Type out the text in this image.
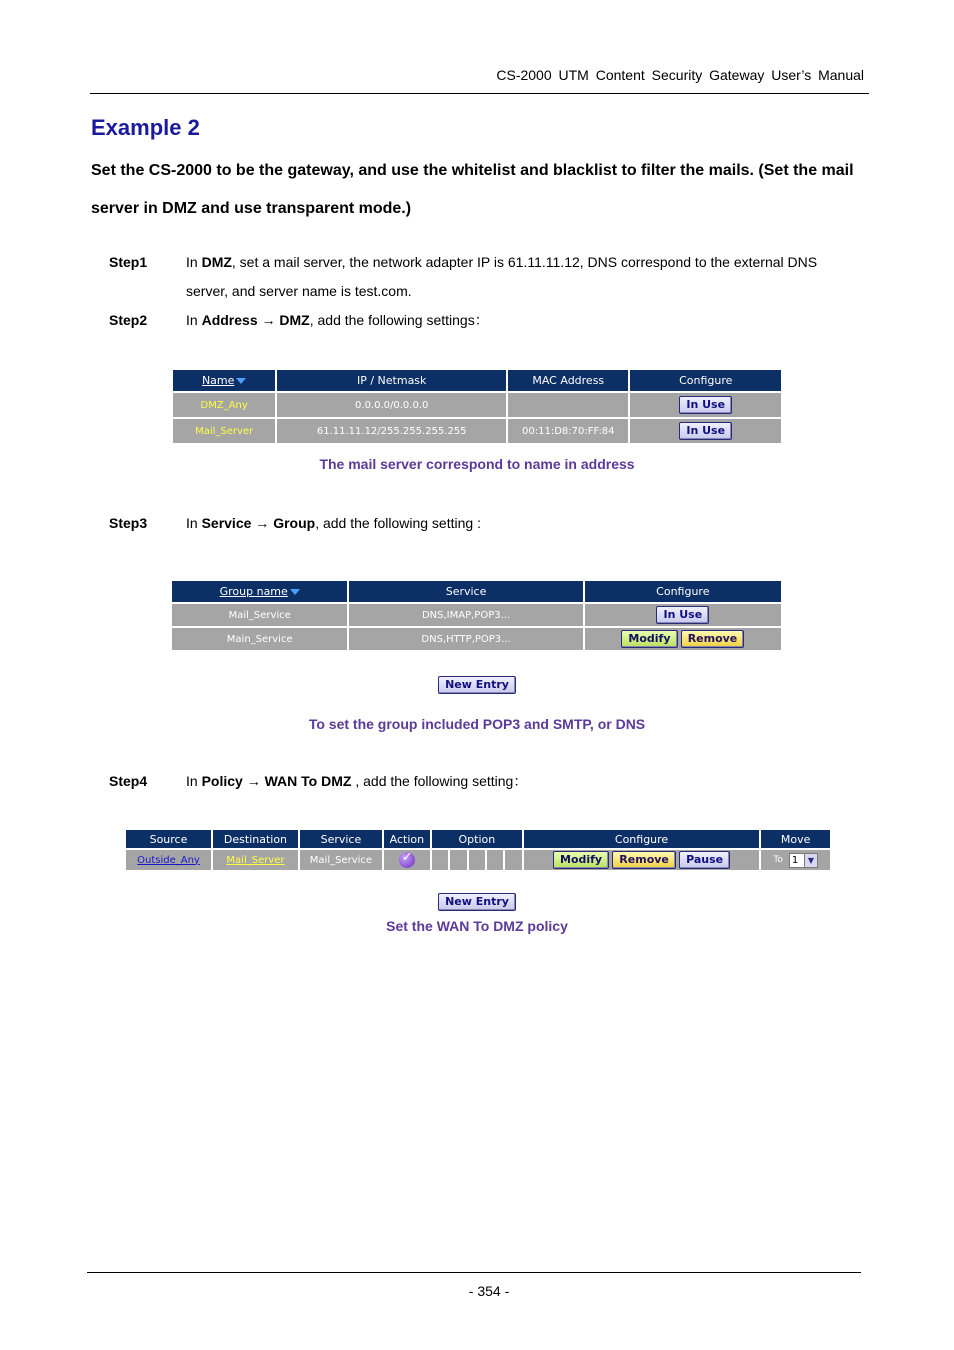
CS-2000 UTM Content Security Gateway User’s Manual
Example 2
Set the CS-2000 to be the gateway, and use the whitelist and blacklist to filter the mails. (Set the mail server in DMZ and use transparent mode.)
Step1	In DMZ, set a mail server, the network adapter IP is 61.11.11.12, DNS correspond to the external DNS server, and server name is test.com.
Step2	In Address → DMZ, add the following settings：
Name	IP / Netmask	MAC Address	Configure
DMZ_Any	0.0.0.0/0.0.0.0		In Use
Mail_Server	61.11.11.12/255.255.255.255	00:11:D8:70:FF:84	In Use
The mail server correspond to name in address
Step3	In Service → Group, add the following setting :
Group name	Service	Configure
Mail_Service	DNS,IMAP,POP3...	In Use
Main_Service	DNS,HTTP,POP3...	Modify Remove
New Entry
To set the group included POP3 and SMTP, or DNS
Step4	In Policy → WAN To DMZ , add the following setting：
Source	Destination	Service	Action	Option					Configure	Move
Outside_Any	Mail_Server	Mail_Service	✓						Modify Remove Pause	To 1 ▼
New Entry
Set the WAN To DMZ policy
- 354 -
